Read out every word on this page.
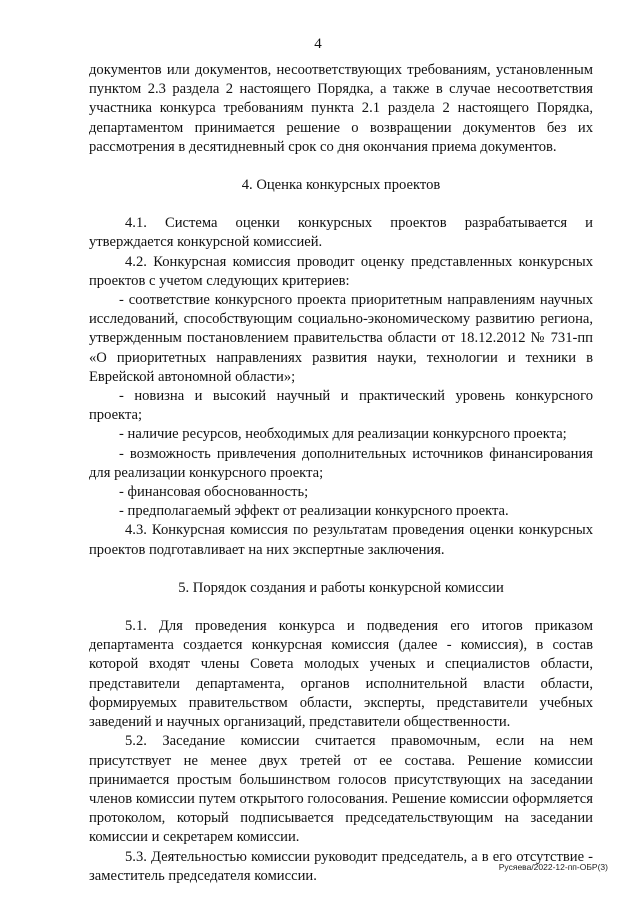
4

документов или документов, несоответствующих требованиям, установленным пунктом 2.3 раздела 2 настоящего Порядка, а также в случае несоответствия участника конкурса требованиям пункта 2.1 раздела 2 настоящего Порядка, департаментом принимается решение о возвращении документов без их рассмотрения в десятидневный срок со дня окончания приема документов.

4. Оценка конкурсных проектов

4.1. Система оценки конкурсных проектов разрабатывается и утверждается конкурсной комиссией.

4.2. Конкурсная комиссия проводит оценку представленных конкурсных проектов с учетом следующих критериев:

- соответствие конкурсного проекта приоритетным направлениям научных исследований, способствующим социально-экономическому развитию региона, утвержденным постановлением правительства области от 18.12.2012 № 731-пп «О приоритетных направлениях развития науки, технологии и техники в Еврейской автономной области»;

- новизна и высокий научный и практический уровень конкурсного проекта;

- наличие ресурсов, необходимых для реализации конкурсного проекта;

- возможность привлечения дополнительных источников финансирования для реализации конкурсного проекта;

- финансовая обоснованность;

- предполагаемый эффект от реализации конкурсного проекта.

4.3. Конкурсная комиссия по результатам проведения оценки конкурсных проектов подготавливает на них экспертные заключения.

5. Порядок создания и работы конкурсной комиссии

5.1. Для проведения конкурса и подведения его итогов приказом департамента создается конкурсная комиссия (далее - комиссия), в состав которой входят члены Совета молодых ученых и специалистов области, представители департамента, органов исполнительной власти области, формируемых правительством области, эксперты, представители учебных заведений и научных организаций, представители общественности.

5.2. Заседание комиссии считается правомочным, если на нем присутствует не менее двух третей от ее состава. Решение комиссии принимается простым большинством голосов присутствующих на заседании членов комиссии путем открытого голосования. Решение комиссии оформляется протоколом, который подписывается председательствующим на заседании комиссии и секретарем комиссии.

5.3. Деятельностью комиссии руководит председатель, а в его отсутствие - заместитель председателя комиссии.

Русяева/2022-12-пп-ОБР(3)
